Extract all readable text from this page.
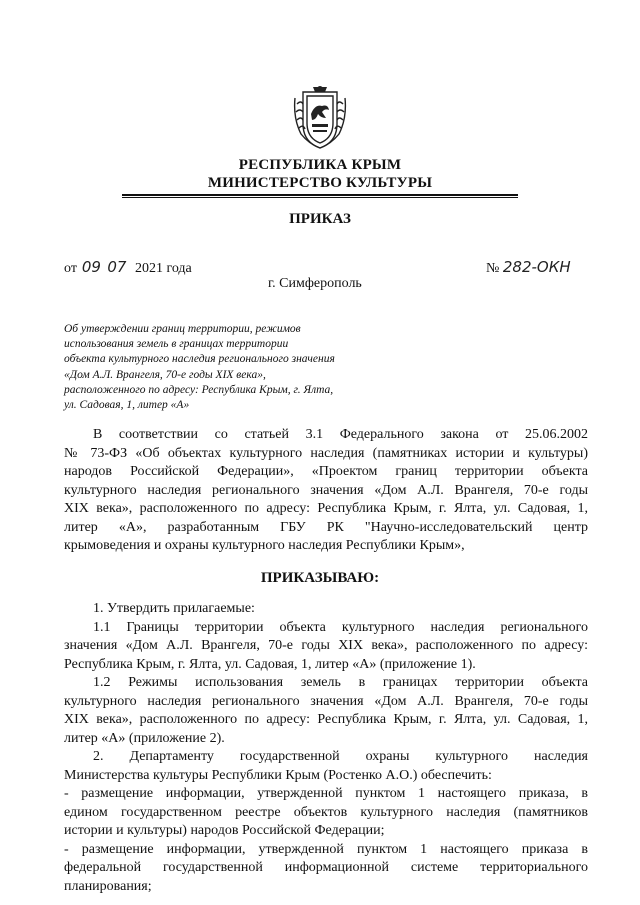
РЕСПУБЛИКА КРЫМ
МИНИСТЕРСТВО КУЛЬТУРЫ
ПРИКАЗ
от 09 07 2021 года	№ 282-ОКН
г. Симферополь
Об утверждении границ территории, режимов
использования земель в границах территории
объекта культурного наследия регионального значения
«Дом А.Л. Врангеля, 70-е годы XIX века»,
расположенного по адресу: Республика Крым, г. Ялта,
ул. Садовая, 1, литер «А»
В соответствии со статьей 3.1 Федерального закона от 25.06.2002
№ 73-ФЗ «Об объектах культурного наследия (памятниках истории и культуры)
народов Российской Федерации», «Проектом границ территории объекта
культурного наследия регионального значения «Дом А.Л. Врангеля, 70-е годы
XIX века», расположенного по адресу: Республика Крым, г. Ялта, ул. Садовая, 1,
литер «А», разработанным ГБУ РК "Научно-исследовательский центр
крымоведения и охраны культурного наследия Республики Крым»,
ПРИКАЗЫВАЮ:
1. Утвердить прилагаемые:
1.1 Границы территории объекта культурного наследия регионального
значения «Дом А.Л. Врангеля, 70-е годы XIX века», расположенного по адресу:
Республика Крым, г. Ялта, ул. Садовая, 1, литер «А» (приложение 1).
1.2 Режимы использования земель в границах территории объекта
культурного наследия регионального значения «Дом А.Л. Врангеля, 70-е годы
XIX века», расположенного по адресу: Республика Крым, г. Ялта, ул. Садовая, 1,
литер «А» (приложение 2).
2. Департаменту государственной охраны культурного наследия
Министерства культуры Республики Крым (Ростенко А.О.) обеспечить:
- размещение информации, утвержденной пунктом 1 настоящего приказа, в
едином государственном реестре объектов культурного наследия (памятников
истории и культуры) народов Российской Федерации;
- размещение информации, утвержденной пунктом 1 настоящего приказа в
федеральной государственной информационной системе территориального
планирования;
